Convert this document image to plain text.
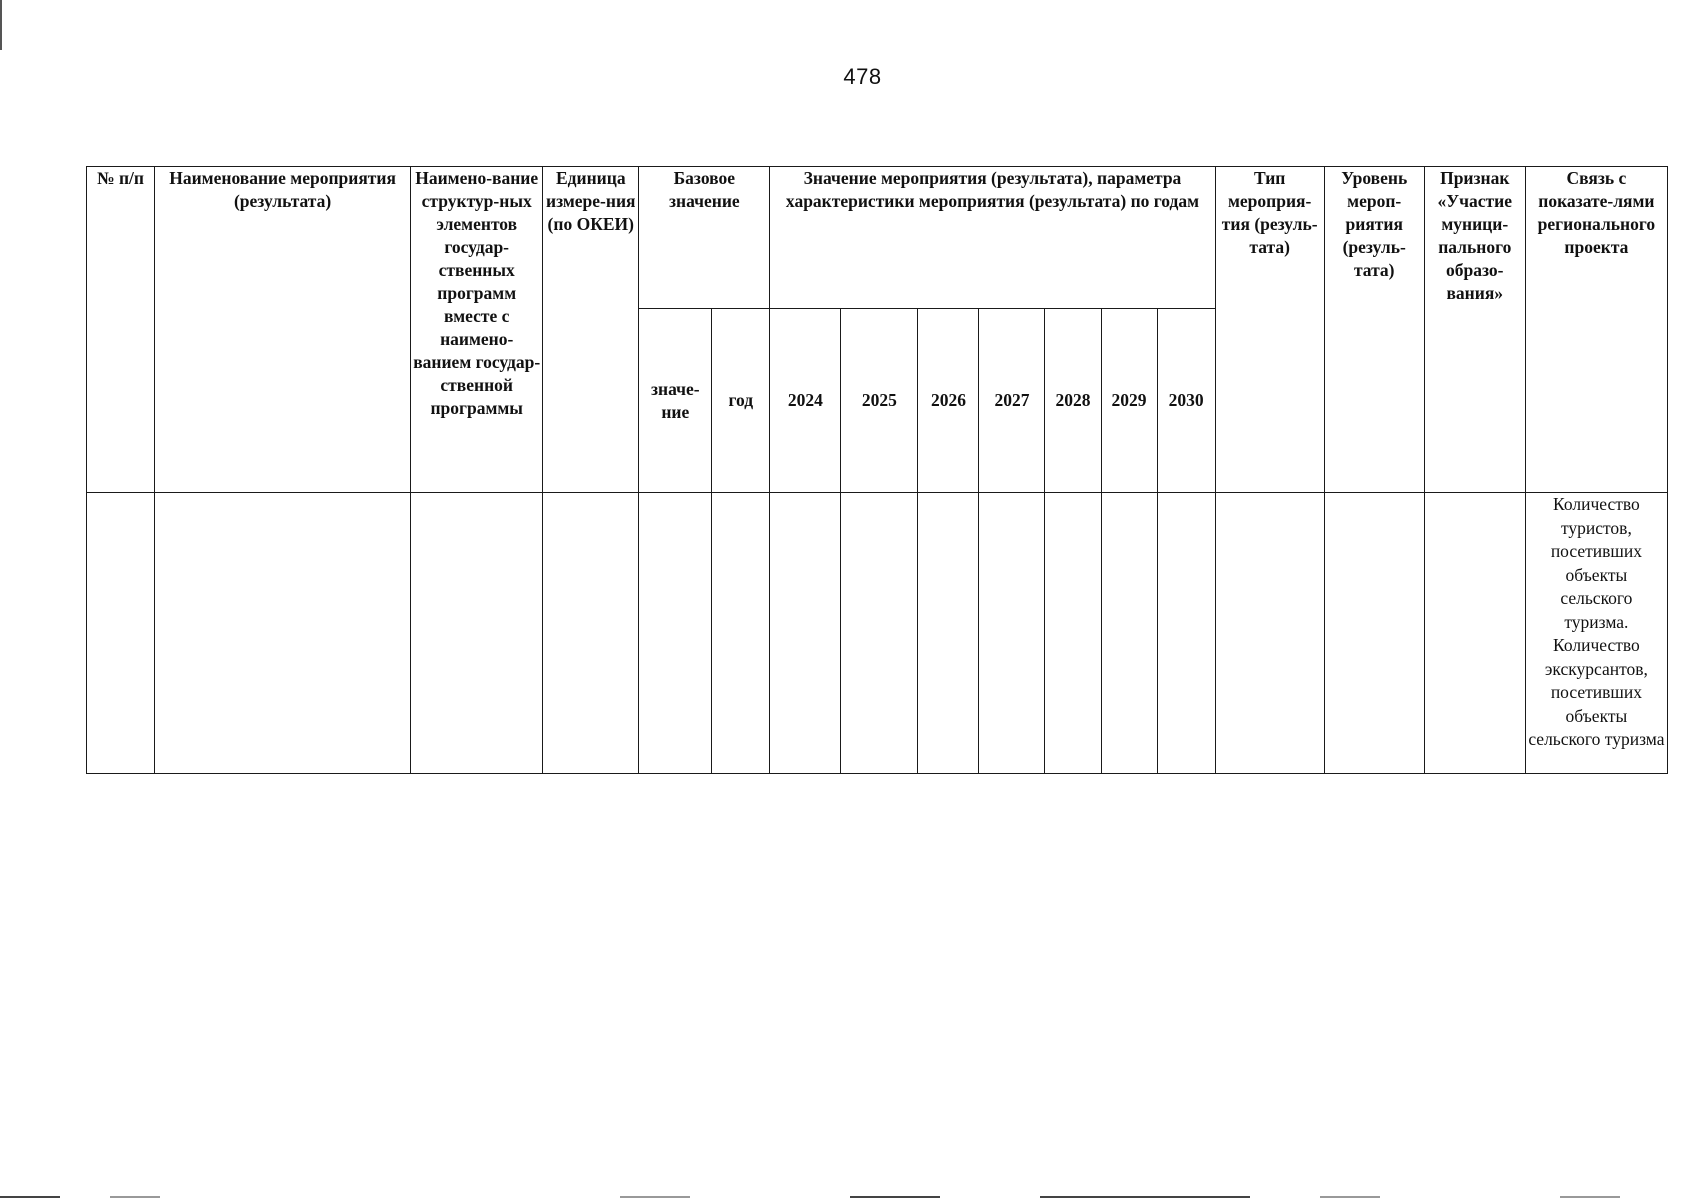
478
№ п/п	Наименование мероприятия (результата)	Наимено-вание структур-ных элементов государ-ственных программ вместе с наимено-ванием государ-ственной программы	Единица измере-ния (по ОКЕИ)	Базовое значение		Значение мероприятия (результата), параметра характеристики мероприятия (результата) по годам							Тип мероприя-тия (резуль-тата)	Уровень мероп-риятия (резуль-тата)	Признак «Участие муници-пального образо-вания»	Связь с показате-лями регионального проекта
				значе-ние	год	2024	2025	2026	2027	2028	2029	2030				
																Количество туристов, посетивших объекты сельского туризма. Количество экскурсантов, посетивших объекты сельского туризма
